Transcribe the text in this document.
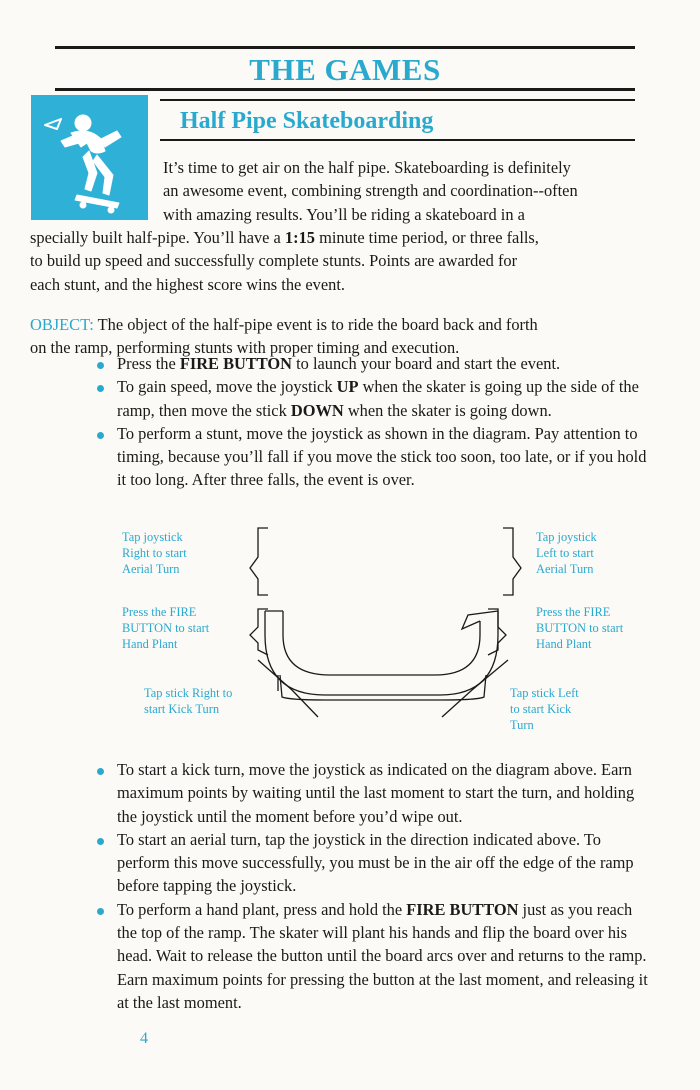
THE GAMES
Half Pipe Skateboarding
It’s time to get air on the half pipe. Skateboarding is definitely
an awesome event, combining strength and coordination--often
with amazing results. You’ll be riding a skateboard in a
specially built half-pipe. You’ll have a 1:15 minute time period, or three falls,
to build up speed and successfully complete stunts. Points are awarded for
each stunt, and the highest score wins the event.
OBJECT: The object of the half-pipe event is to ride the board back and forth
on the ramp, performing stunts with proper timing and execution.
Press the FIRE BUTTON to launch your board and start the event.
To gain speed, move the joystick UP when the skater is going up the side of the ramp, then move the stick DOWN when the skater is going down.
To perform a stunt, move the joystick as shown in the diagram. Pay attention to timing, because you’ll fall if you move the stick too soon, too late, or if you hold it too long. After three falls, the event is over.
Tap joystick
Right to start
Aerial Turn
Tap joystick
Left to start
Aerial Turn
Press the FIRE
BUTTON to start
Hand Plant
Press the FIRE
BUTTON to start
Hand Plant
Tap stick Right to
start Kick Turn
Tap stick Left
to start Kick
Turn
To start a kick turn, move the joystick as indicated on the diagram above. Earn maximum points by waiting until the last moment to start the turn, and holding the joystick until the moment before you’d wipe out.
To start an aerial turn, tap the joystick in the direction indicated above. To perform this move successfully, you must be in the air off the edge of the ramp before tapping the joystick.
To perform a hand plant, press and hold the FIRE BUTTON just as you reach the top of the ramp. The skater will plant his hands and flip the board over his head. Wait to release the button until the board arcs over and returns to the ramp. Earn maximum points for pressing the button at the last moment, and releasing it at the last moment.
4
